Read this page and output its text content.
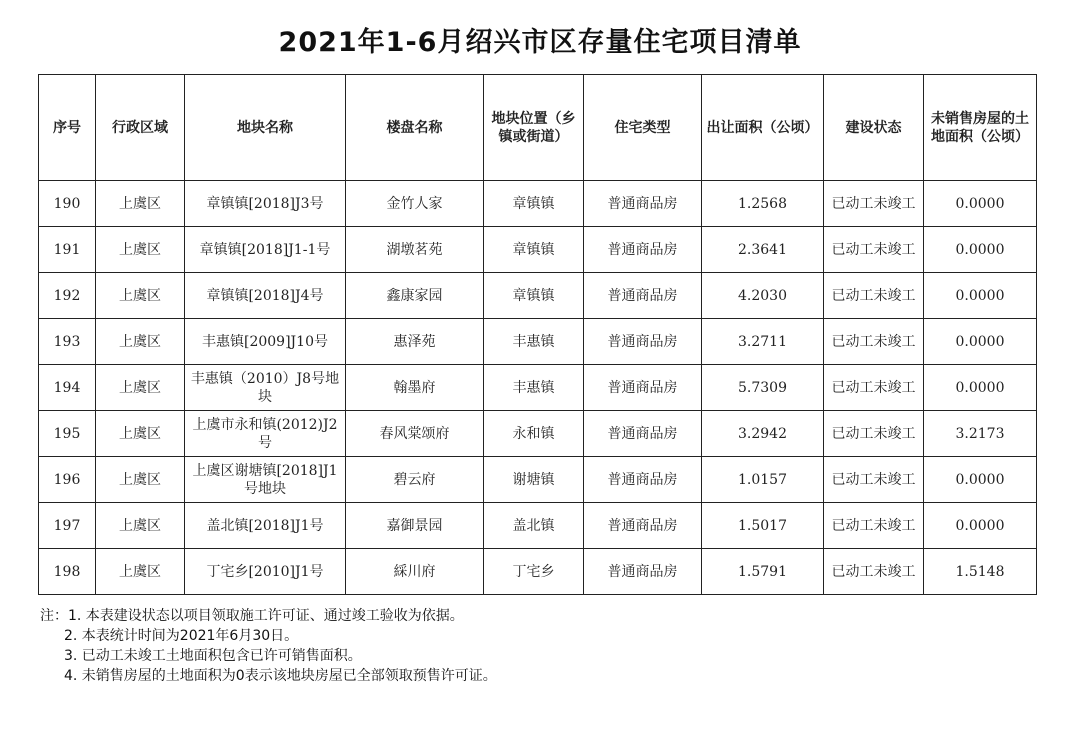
2021年1-6月绍兴市区存量住宅项目清单
序号	行政区域	地块名称	楼盘名称	地块位置（乡镇或街道）	住宅类型	出让面积（公顷）	建设状态	未销售房屋的土地面积（公顷）
190	上虞区	章镇镇[2018]J3号	金竹人家	章镇镇	普通商品房	1.2568	已动工未竣工	0.0000
191	上虞区	章镇镇[2018]J1-1号	湖墩茗苑	章镇镇	普通商品房	2.3641	已动工未竣工	0.0000
192	上虞区	章镇镇[2018]J4号	鑫康家园	章镇镇	普通商品房	4.2030	已动工未竣工	0.0000
193	上虞区	丰惠镇[2009]J10号	惠泽苑	丰惠镇	普通商品房	3.2711	已动工未竣工	0.0000
194	上虞区	丰惠镇（2010）J8号地块	翰墨府	丰惠镇	普通商品房	5.7309	已动工未竣工	0.0000
195	上虞区	上虞市永和镇(2012)J2号	春风棠颂府	永和镇	普通商品房	3.2942	已动工未竣工	3.2173
196	上虞区	上虞区谢塘镇[2018]J1号地块	碧云府	谢塘镇	普通商品房	1.0157	已动工未竣工	0.0000
197	上虞区	盖北镇[2018]J1号	嘉御景园	盖北镇	普通商品房	1.5017	已动工未竣工	0.0000
198	上虞区	丁宅乡[2010]J1号	綵川府	丁宅乡	普通商品房	1.5791	已动工未竣工	1.5148
注：1. 本表建设状态以项目领取施工许可证、通过竣工验收为依据。
2. 本表统计时间为2021年6月30日。
3. 已动工未竣工土地面积包含已许可销售面积。
4. 未销售房屋的土地面积为0表示该地块房屋已全部领取预售许可证。
